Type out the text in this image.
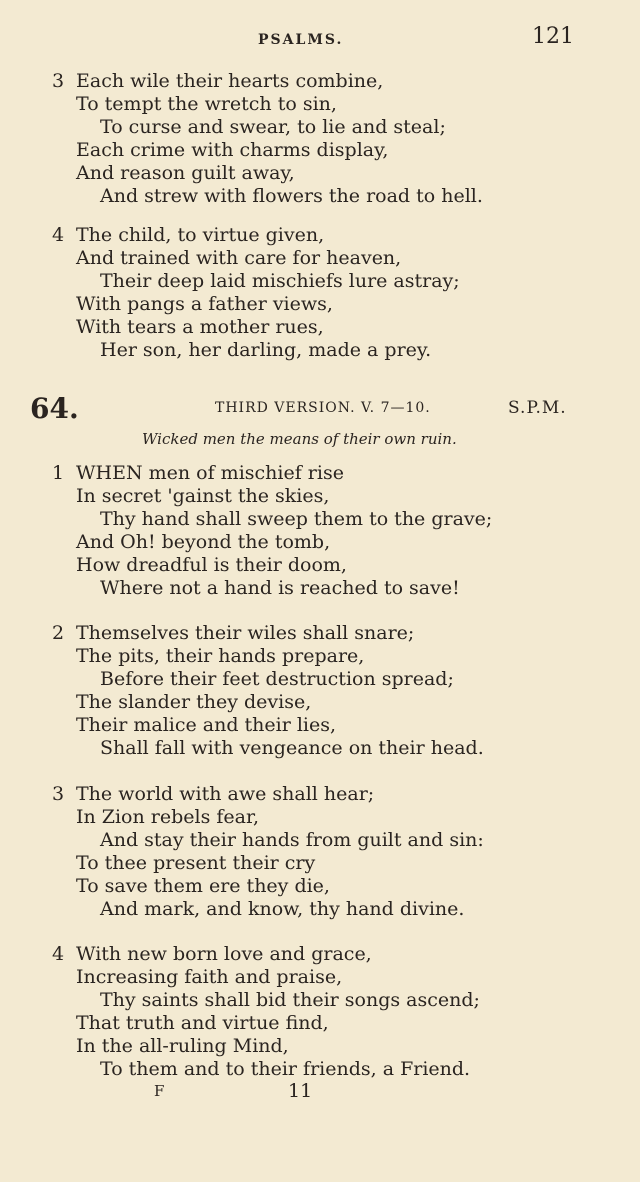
PSALMS.	121
3 Each wile their hearts combine,
To tempt the wretch to sin,
To curse and swear, to lie and steal;
Each crime with charms display,
And reason guilt away,
And strew with flowers the road to hell.
4 The child, to virtue given,
And trained with care for heaven,
Their deep laid mischiefs lure astray;
With pangs a father views,
With tears a mother rues,
Her son, her darling, made a prey.
64.	THIRD VERSION. V. 7—10.	S.P.M.
Wicked men the means of their own ruin.
1 WHEN men of mischief rise
In secret 'gainst the skies,
Thy hand shall sweep them to the grave;
And Oh! beyond the tomb,
How dreadful is their doom,
Where not a hand is reached to save!
2 Themselves their wiles shall snare;
The pits, their hands prepare,
Before their feet destruction spread;
The slander they devise,
Their malice and their lies,
Shall fall with vengeance on their head.
3 The world with awe shall hear;
In Zion rebels fear,
And stay their hands from guilt and sin:
To thee present their cry
To save them ere they die,
And mark, and know, thy hand divine.
4 With new born love and grace,
Increasing faith and praise,
Thy saints shall bid their songs ascend;
That truth and virtue find,
In the all-ruling Mind,
To them and to their friends, a Friend.
F	11
